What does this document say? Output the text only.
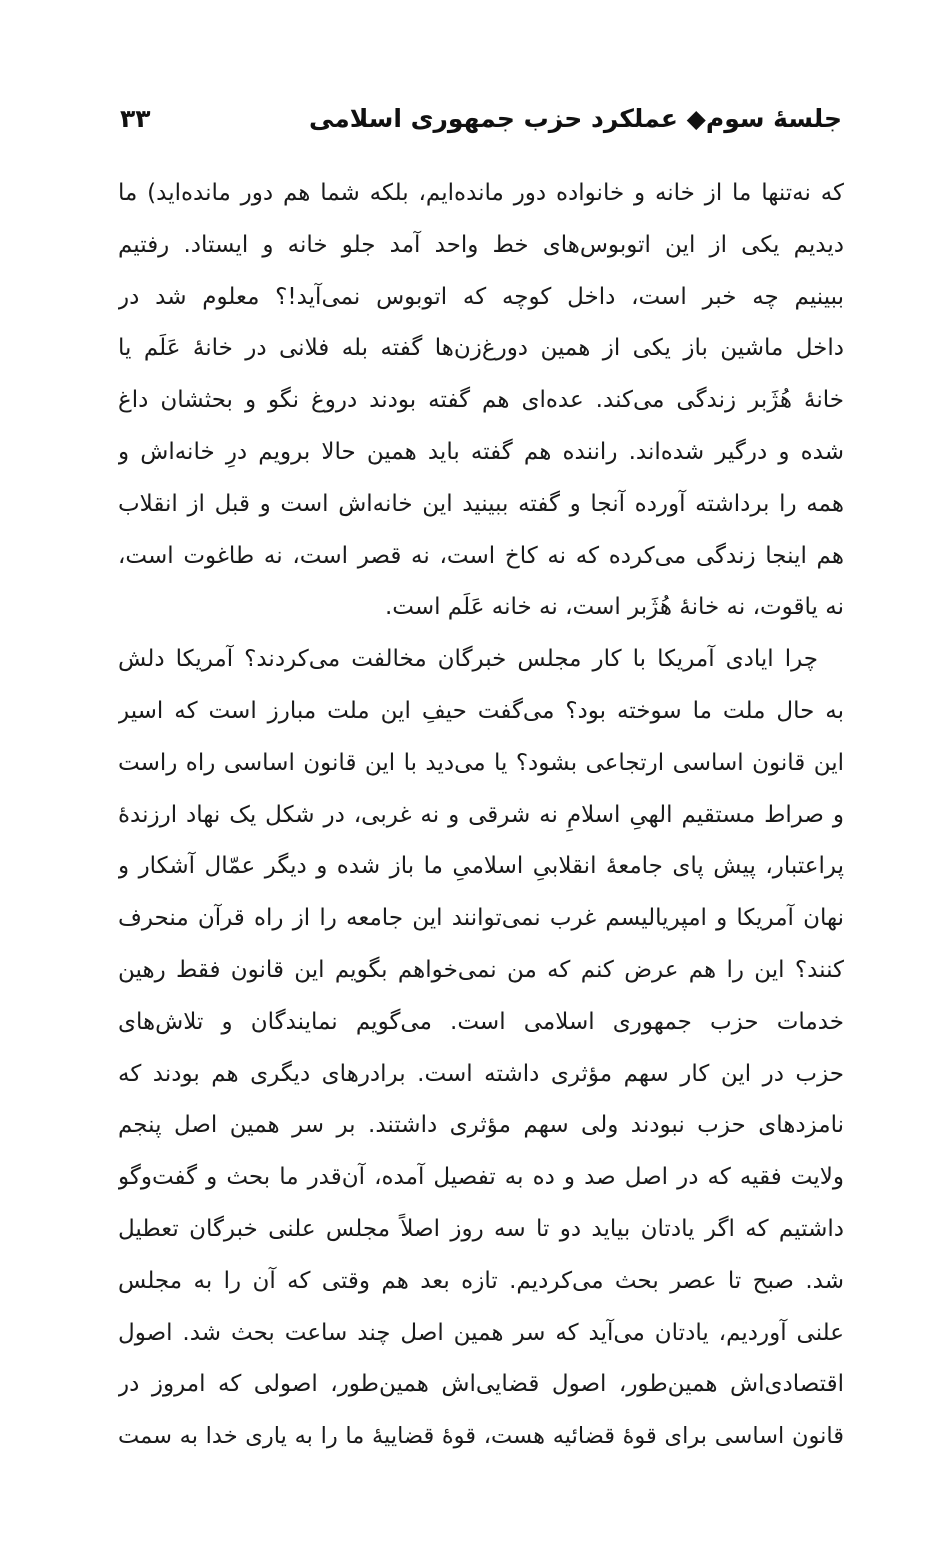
جلسهٔ سوم◆ عملکرد حزب جمهوری اسلامی
۳۳
که نه‌تنها ما از خانه و خانواده دور مانده‌ایم، بلکه شما هم دور مانده‌اید) ما
دیدیم یکی از این اتوبوس‌های خط واحد آمد جلو خانه و ایستاد. رفتیم
ببینیم چه خبر است، داخل کوچه که اتوبوس نمی‌آید!؟ معلوم شد در
داخل ماشین باز یکی از همین دورغ‌زن‌ها گفته بله فلانی در خانهٔ عَلَم یا
خانهٔ هُژَبر زندگی می‌کند. عده‌ای هم گفته بودند دروغ نگو و بحثشان داغ
شده و درگیر شده‌اند. راننده هم گفته باید همین حالا برویم درِ خانه‌اش و
همه را برداشته آورده آنجا و گفته ببینید این خانه‌اش است و قبل از انقلاب
هم اینجا زندگی می‌کرده که نه کاخ است، نه قصر است، نه طاغوت است،
نه یاقوت، نه خانهٔ هُژَبر است، نه خانه عَلَم است.
چرا ایادی آمریکا با کار مجلس خبرگان مخالفت می‌کردند؟ آمریکا دلش
به حال ملت ما سوخته بود؟ می‌گفت حیفِ این ملت مبارز است که اسیر
این قانون اساسی ارتجاعی بشود؟ یا می‌دید با این قانون اساسی راه راست
و صراط مستقیم الهیِ اسلامِ نه شرقی و نه غربی، در شکل یک نهاد ارزندهٔ
پراعتبار، پیش پای جامعهٔ انقلابیِ اسلامیِ ما باز شده و دیگر عمّال آشکار و
نهان آمریکا و امپریالیسم غرب نمی‌توانند این جامعه را از راه قرآن منحرف
کنند؟ این را هم عرض کنم که من نمی‌خواهم بگویم این قانون فقط رهین
خدمات حزب جمهوری اسلامی است. می‌گویم نمایندگان و تلاش‌های
حزب در این کار سهم مؤثری داشته است. برادرهای دیگری هم بودند که
نامزدهای حزب نبودند ولی سهم مؤثری داشتند. بر سر همین اصل پنجم
ولایت فقیه که در اصل صد و ده به تفصیل آمده، آن‌قدر ما بحث و گفت‌وگو
داشتیم که اگر یادتان بیاید دو تا سه روز اصلاً مجلس علنی خبرگان تعطیل
شد. صبح تا عصر بحث می‌کردیم. تازه بعد هم وقتی که آن را به مجلس
علنی آوردیم، یادتان می‌آید که سر همین اصل چند ساعت بحث شد. اصول
اقتصادی‌اش همین‌طور، اصول قضایی‌اش همین‌طور، اصولی که امروز در
قانون اساسی برای قوهٔ قضائیه هست، قوهٔ قضاییهٔ ما را به یاری خدا به سمت
